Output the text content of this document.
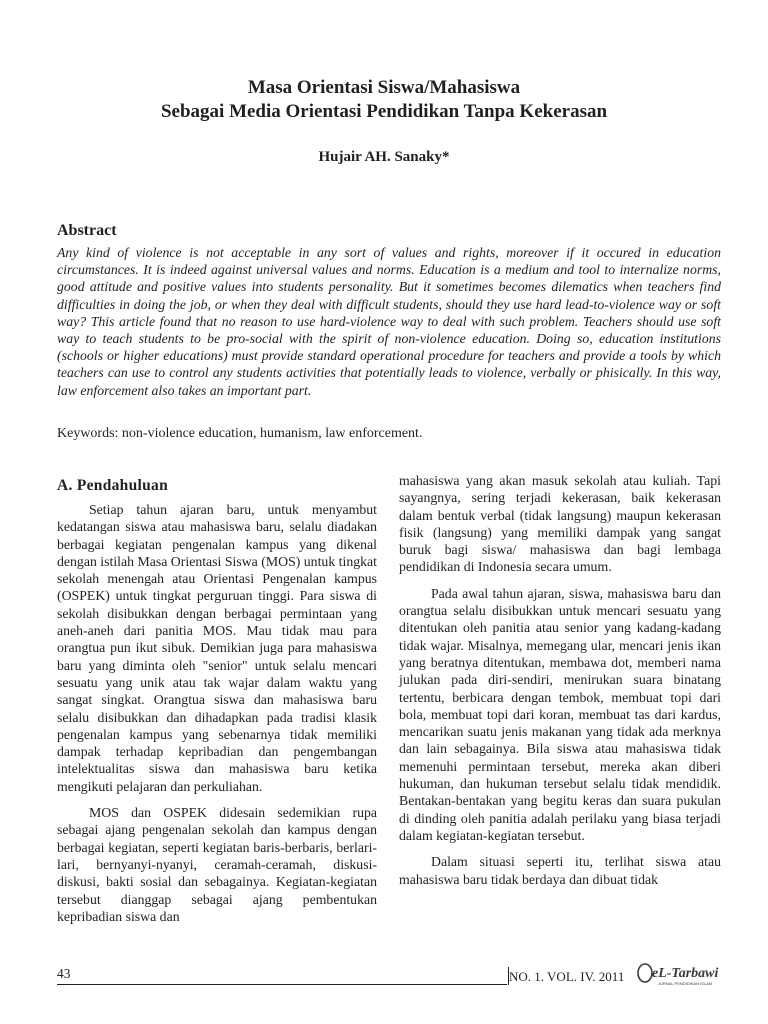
Masa Orientasi Siswa/Mahasiswa
Sebagai Media Orientasi Pendidikan Tanpa Kekerasan
Hujair AH. Sanaky*
Abstract

Any kind of violence is not acceptable in any sort of values and rights, moreover if it occured in education circumstances. It is indeed against universal values and norms. Education is a medium and tool to internalize norms, good attitude and positive values into students personality. But it sometimes becomes dilematics when teachers find difficulties in doing the job, or when they deal with difficult students, should they use hard lead-to-violence way or soft way? This article found that no reason to use hard-violence way to deal with such problem. Teachers should use soft way to teach students to be pro-social with the spirit of non-violence education. Doing so, education institutions (schools or higher educations) must provide standard operational procedure for teachers and provide a tools by which teachers can use to control any students activities that potentially leads to violence, verbally or phisically. In this way, law enforcement also takes an important part.

Keywords: non-violence education, humanism, law enforcement.

A. Pendahuluan

Setiap tahun ajaran baru, untuk menyambut kedatangan siswa atau mahasiswa baru, selalu diadakan berbagai kegiatan pengenalan kampus yang dikenal dengan istilah Masa Orientasi Siswa (MOS) untuk tingkat sekolah menengah atau Orientasi Pengenalan kampus (OSPEK) untuk tingkat perguruan tinggi. Para siswa di sekolah disibukkan dengan berbagai permintaan yang aneh-aneh dari panitia MOS. Mau tidak mau para orangtua pun ikut sibuk. Demikian juga para mahasiswa baru yang diminta oleh "senior" untuk selalu mencari sesuatu yang unik atau tak wajar dalam waktu yang sangat singkat. Orangtua siswa dan mahasiswa baru selalu disibukkan dan dihadapkan pada tradisi klasik pengenalan kampus yang sebenarnya tidak memiliki dampak terhadap kepribadian dan pengembangan intelektualitas siswa dan mahasiswa baru ketika mengikuti pelajaran dan perkuliahan.

MOS dan OSPEK didesain sedemikian rupa sebagai ajang pengenalan sekolah dan kampus dengan berbagai kegiatan, seperti kegiatan baris-berbaris, berlari-lari, bernyanyi-nyanyi, ceramah-ceramah, diskusi-diskusi, bakti sosial dan sebagainya. Kegiatan-kegiatan tersebut dianggap sebagai ajang pembentukan kepribadian siswa dan

mahasiswa yang akan masuk sekolah atau kuliah. Tapi sayangnya, sering terjadi kekerasan, baik kekerasan dalam bentuk verbal (tidak langsung) maupun kekerasan fisik (langsung) yang memiliki dampak yang sangat buruk bagi siswa/ mahasiswa dan bagi lembaga pendidikan di Indonesia secara umum.

Pada awal tahun ajaran, siswa, mahasiswa baru dan orangtua selalu disibukkan untuk mencari sesuatu yang ditentukan oleh panitia atau senior yang kadang-kadang tidak wajar. Misalnya, memegang ular, mencari jenis ikan yang beratnya ditentukan, membawa dot, memberi nama julukan pada diri-sendiri, menirukan suara binatang tertentu, berbicara dengan tembok, membuat topi dari bola, membuat topi dari koran, membuat tas dari kardus, mencarikan suatu jenis makanan yang tidak ada merknya dan lain sebagainya. Bila siswa atau mahasiswa tidak memenuhi permintaan tersebut, mereka akan diberi hukuman, dan hukuman tersebut selalu tidak mendidik. Bentakan-bentakan yang begitu keras dan suara pukulan di dinding oleh panitia adalah perilaku yang biasa terjadi dalam kegiatan-kegiatan tersebut.

Dalam situasi seperti itu, terlihat siswa atau mahasiswa baru tidak berdaya dan dibuat tidak

43	NO. 1. VOL. IV. 2011 eL-Tarbawi
JURNAL PENDIDIKAN ISLAM
